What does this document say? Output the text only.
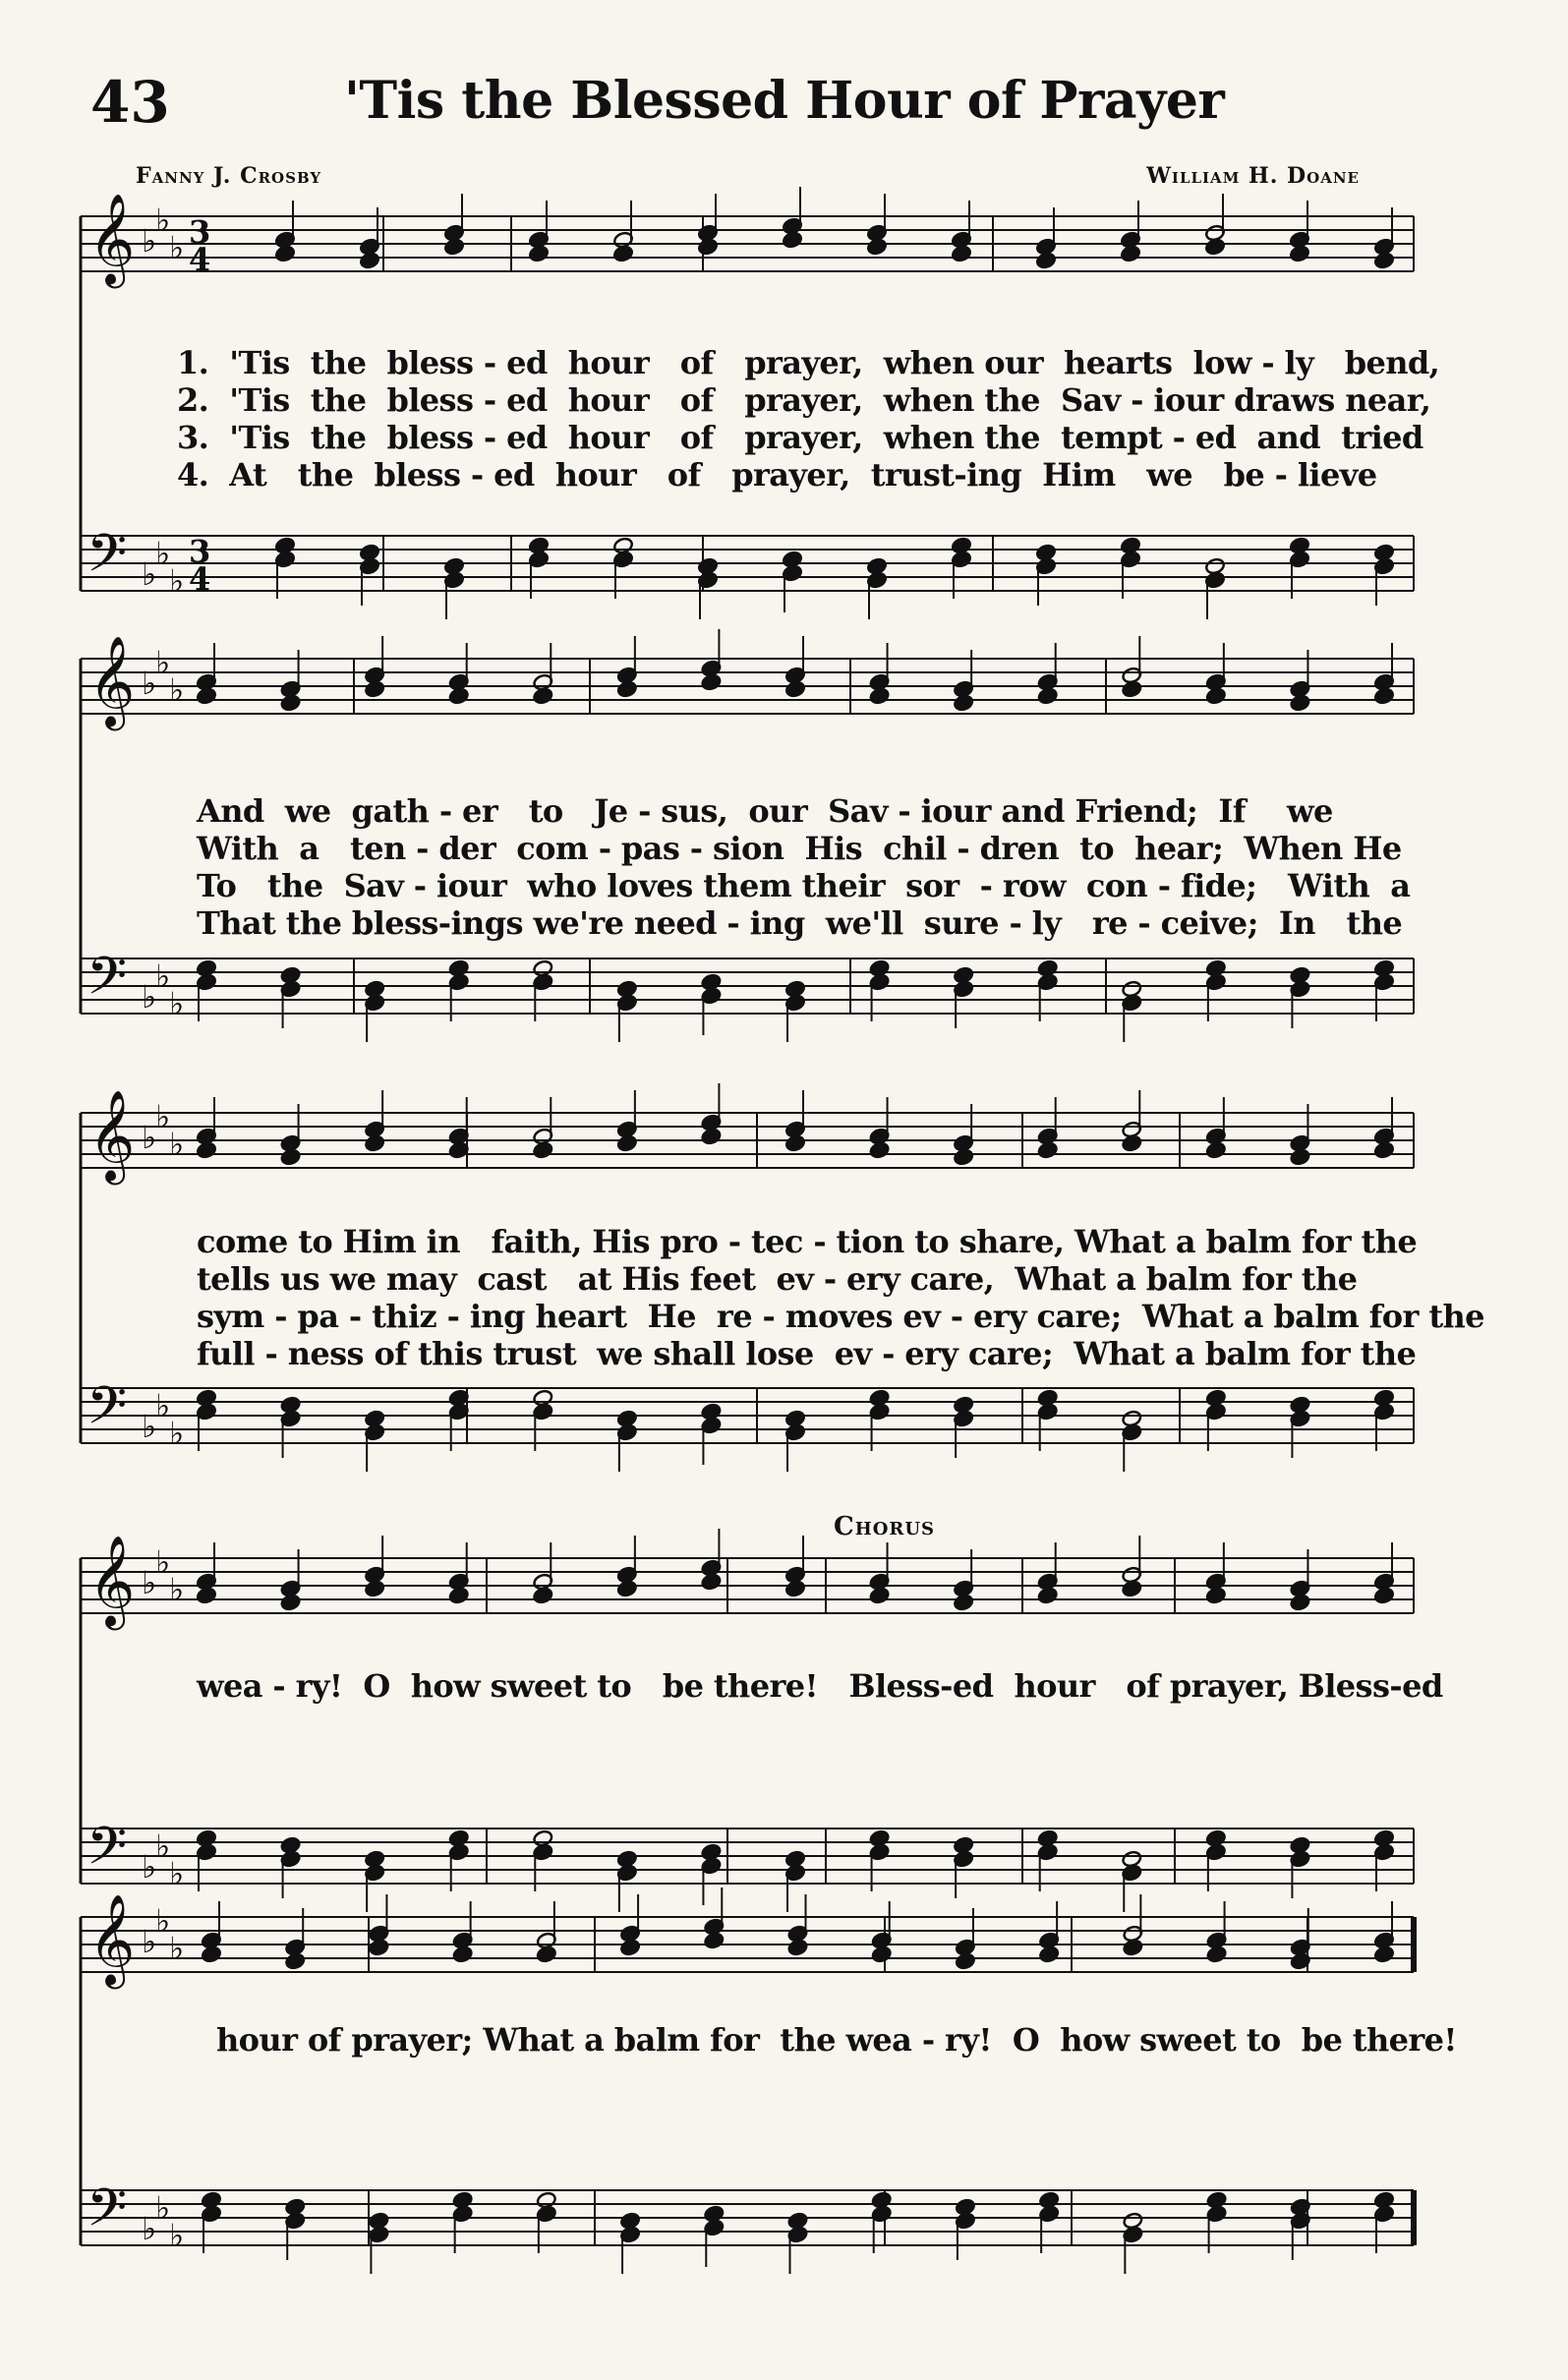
43	'Tis the Blessed Hour of Prayer
Fanny J. Crosby	William H. Doane
Chorus
𝄞
𝄢
♭
♭
♭
♭
♭
♭
3
4
3
4
𝄞
𝄢
♭
♭
♭
♭
♭
♭
𝄞
𝄢
♭
♭
♭
♭
♭
♭
𝄞
𝄢
♭
♭
♭
♭
♭
♭
𝄞
𝄢
♭
♭
♭
♭
♭
♭
1.  'Tis  the  bless - ed  hour   of   prayer,  when our  hearts  low - ly   bend,
2.  'Tis  the  bless - ed  hour   of   prayer,  when the  Sav - iour draws near,
3.  'Tis  the  bless - ed  hour   of   prayer,  when the  tempt - ed  and  tried
4.  At   the  bless - ed  hour   of   prayer,  trust-ing  Him   we   be - lieve
And  we  gath - er   to   Je - sus,  our  Sav - iour and Friend;  If    we
With  a   ten - der  com - pas - sion  His  chil - dren  to  hear;  When He
To   the  Sav - iour  who loves them their  sor  - row  con - fide;   With  a
That the bless-ings we're need - ing  we'll  sure - ly   re - ceive;  In   the
come to Him in   faith, His pro - tec - tion to share, What a balm for the
tells us we may  cast   at His feet  ev - ery care,  What a balm for the
sym - pa - thiz - ing heart  He  re - moves ev - ery care;  What a balm for the
full - ness of this trust  we shall lose  ev - ery care;  What a balm for the
wea - ry!  O  how sweet to   be there!   Bless-ed  hour   of prayer, Bless-ed
hour of prayer; What a balm for  the wea - ry!  O  how sweet to  be there!
